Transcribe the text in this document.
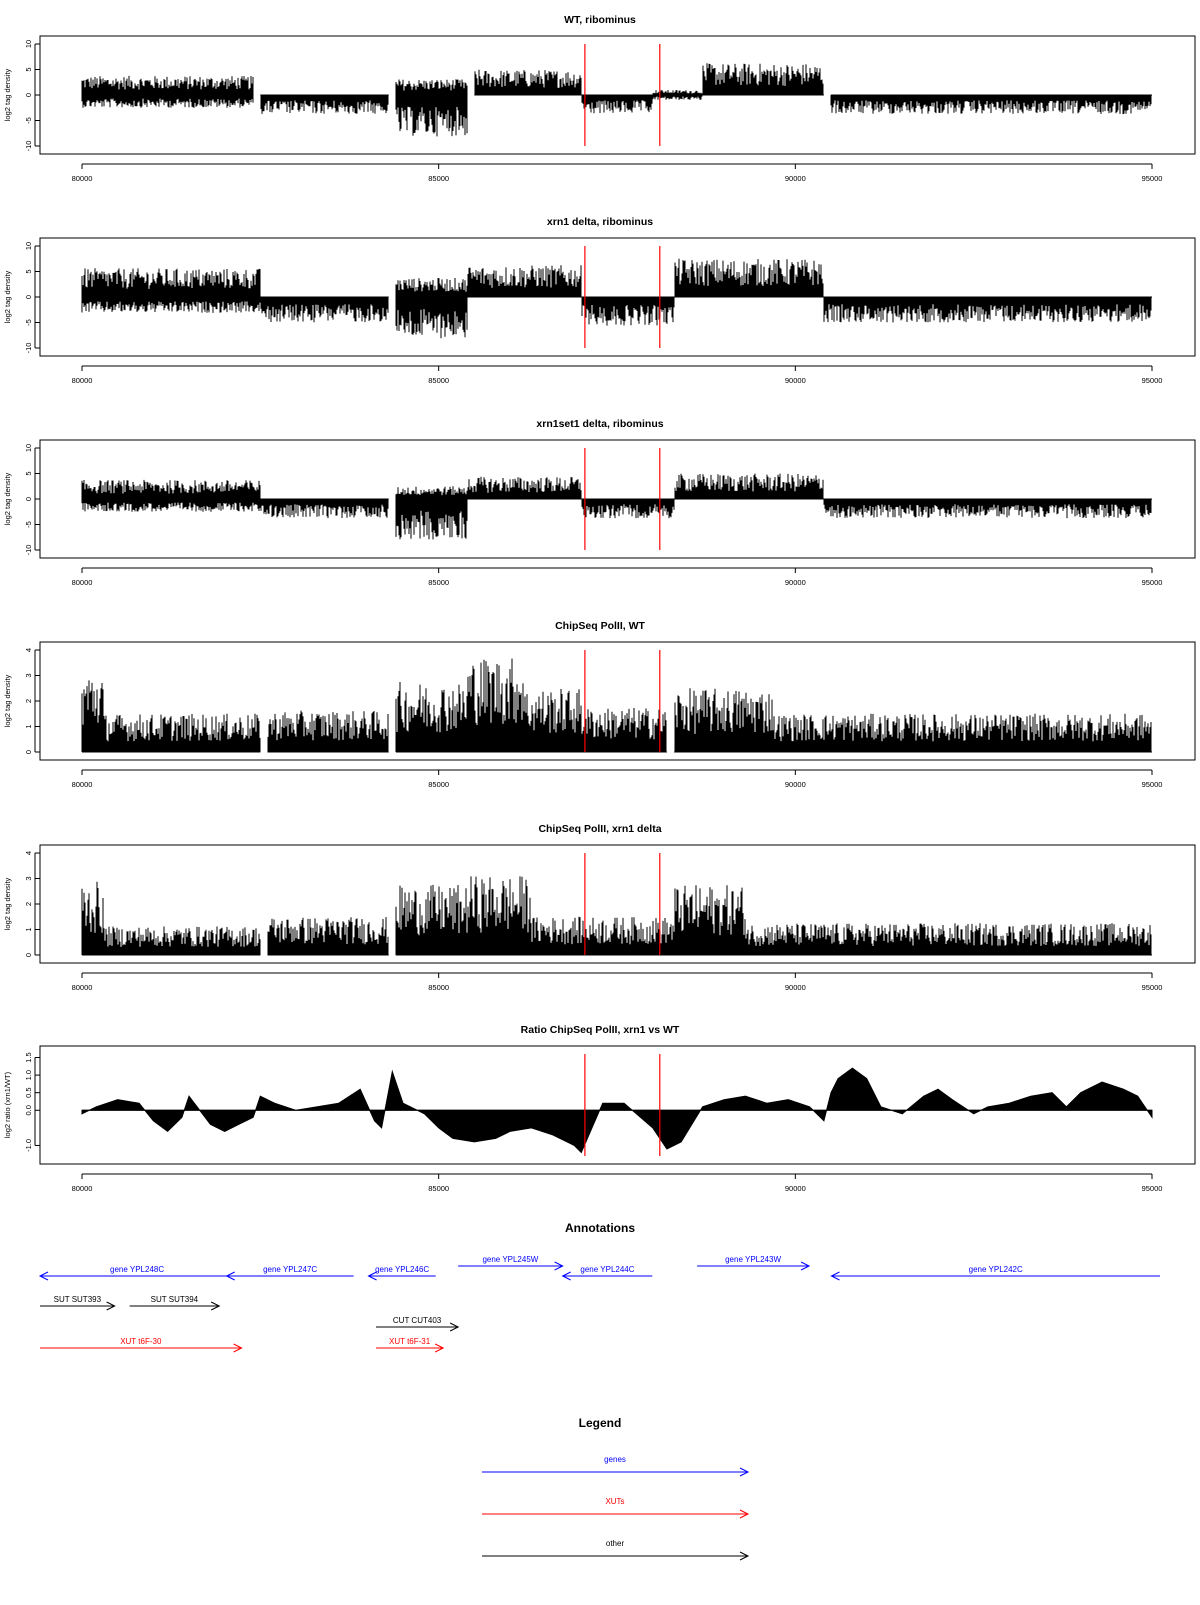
WT, ribominus
10
5
0
-5
-10
log2 tag density
80000	85000	90000	95000
xrn1 delta, ribominus
10
5
0
-5
-10
log2 tag density
80000	85000	90000	95000
xrn1set1 delta, ribominus
10
5
0
-5
-10
log2 tag density
80000	85000	90000	95000
ChipSeq PolII, WT
4
3
2
1
0
log2 tag density
80000	85000	90000	95000
ChipSeq PolII, xrn1 delta
4
3
2
1
0
log2 tag density
80000	85000	90000	95000
Ratio ChipSeq PolII, xrn1 vs WT
1.5
1.0
0.5
0.0
-1.0
log2 ratio (xrn1/WT)
80000	85000	90000	95000
Annotations
gene YPL248C	gene YPL247C	gene YPL246C	gene YPL244C	gene YPL242C
gene YPL245W	gene YPL243W
SUT SUT393	SUT SUT394
CUT CUT403
XUT t6F-30	XUT t6F-31
Legend
genes
XUTs
other
